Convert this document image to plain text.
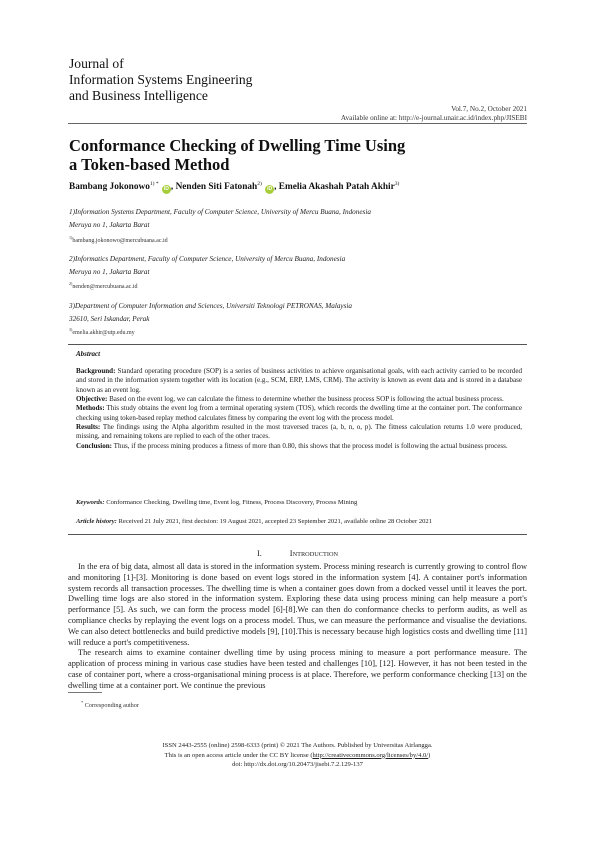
Journal of
Information Systems Engineering
and Business Intelligence
Vol.7, No.2, October 2021
Available online at: http://e-journal.unair.ac.id/index.php/JISEBI
Conformance Checking of Dwelling Time Using
a Token-based Method
Bambang Jokonowo$^{1) *}$ iD , Nenden Siti Fatonah$^{2)}$ iD , Emelia Akashah Patah Akhir$^{3)}$
1)Information Systems Department, Faculty of Computer Science, University of Mercu Buana, Indonesia
Meruya no 1, Jakarta Barat
$^{1)}$bambang.jokonowo@mercubuana.ac.id
2)Informatics Department, Faculty of Computer Science, University of Mercu Buana, Indonesia
Meruya no 1, Jakarta Barat
$^{2)}$nenden@mercubuana.ac.id
3)Department of Computer Information and Sciences, Universiti Teknologi PETRONAS, Malaysia
32610, Seri Iskandar, Perak
$^{3)}$emelia.akhir@utp.edu.my
Abstract

Background: Standard operating procedure (SOP) is a series of business activities to achieve organisational goals, with each activity carried to be recorded and stored in the information system together with its location (e.g., SCM, ERP, LMS, CRM). The activity is known as event data and is stored in a database known as an event log.

Objective: Based on the event log, we can calculate the fitness to determine whether the business process SOP is following the actual business process.

Methods: This study obtains the event log from a terminal operating system (TOS), which records the dwelling time at the container port. The conformance checking using token-based replay method calculates fitness by comparing the event log with the process model.

Results: The findings using the Alpha algorithm resulted in the most traversed traces (a, b, n, o, p). The fitness calculation returns 1.0 were produced, missing, and remaining tokens are replied to each of the other traces.

Conclusion: Thus, if the process mining produces a fitness of more than 0.80, this shows that the process model is following the actual business process.

Keywords: Conformance Checking, Dwelling time, Event log, Fitness, Process Discovery, Process Mining
Article history: Received 21 July 2021, first decision: 19 August 2021, accepted 23 September 2021, available online 28 October 2021
I.	INTRODUCTION

In the era of big data, almost all data is stored in the information system. Process mining research is currently growing to control flow and monitoring [1]-[3]. Monitoring is done based on event logs stored in the information system [4]. A container port's information system records all transaction processes. The dwelling time is when a container goes down from a docked vessel until it leaves the port. Dwelling time logs are also stored in the information system. Exploring these data using process mining can help measure a port's performance [5]. As such, we can form the process model [6]-[8].We can then do conformance checks to perform audits, as well as compliance checks by replaying the event logs on a process model. Thus, we can measure the performance and visualise the deviations. We can also detect bottlenecks and build predictive models [9], [10].This is necessary because high logistics costs and dwelling time [11] will reduce a port's competitiveness.

The research aims to examine container dwelling time by using process mining to measure a port performance measure. The application of process mining in various case studies have been tested and challenges [10], [12]. However, it has not been tested in the case of container port, where a cross-organisational mining process is at place. Therefore, we perform conformance checking [13] on the dwelling time at a container port. We continue the previous

* Corresponding author
ISSN 2443-2555 (online) 2598-6333 (print) © 2021 The Authors. Published by Universitas Airlangga.
This is an open access article under the CC BY license (http://creativecommons.org/licenses/by/4.0/)
doi: http://dx.doi.org/10.20473/jisebi.7.2.129-137
